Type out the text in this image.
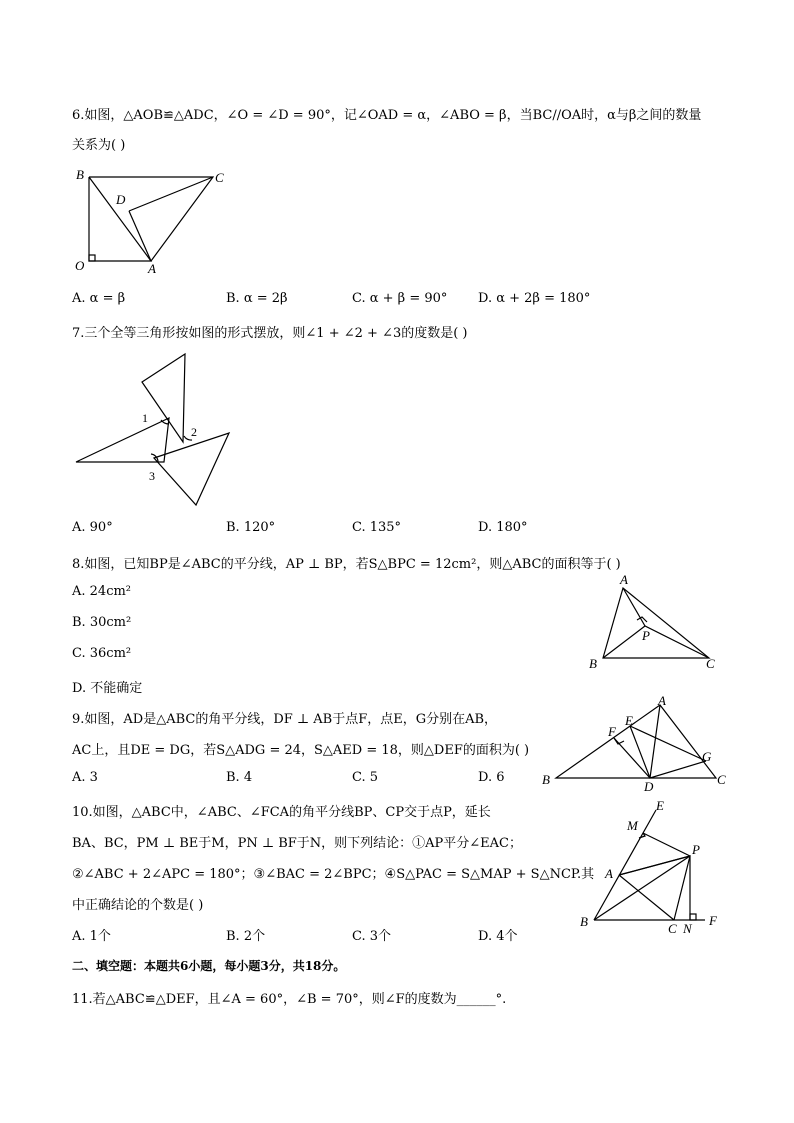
6.如图，△AOB≌△ADC，∠O = ∠D = 90°，记∠OAD = α，∠ABO = β，当BC//OA时，α与β之间的数量
关系为( )
B	C
D
O	A
A. α = β	B. α = 2β	C. α + β = 90° D. α + 2β = 180°
7.三个全等三角形按如图的形式摆放，则∠1 + ∠2 + ∠3的度数是( )
1
2
3
A. 90°	B. 120°	C. 135°	D. 180°
8.如图，已知BP是∠ABC的平分线，AP ⊥ BP，若S△BPC = 12cm²，则△ABC的面积等于( )
A. 24cm²
B. 30cm²
C. 36cm²
D. 不能确定
A
P
B	C
9.如图，AD是△ABC的角平分线，DF ⊥ AB于点F，点E，G分别在AB，
AC上，且DE = DG，若S△ADG = 24，S△AED = 18，则△DEF的面积为( )
A
E
F
G
B	D	C
A. 3	B. 4	C. 5	D. 6
10.如图，△ABC中，∠ABC、∠FCA的角平分线BP、CP交于点P，延长
BA、BC，PM ⊥ BE于M，PN ⊥ BF于N，则下列结论：①AP平分∠EAC；
②∠ABC + 2∠APC = 180°；③∠BAC = 2∠BPC；④S△PAC = S△MAP + S△NCP.其
中正确结论的个数是( )
E
M
P
A
B	C N
F
A. 1个	B. 2个	C. 3个	D. 4个
二、填空题：本题共6小题，每小题3分，共18分。
11.若△ABC≌△DEF，且∠A = 60°，∠B = 70°，则∠F的度数为______°.
